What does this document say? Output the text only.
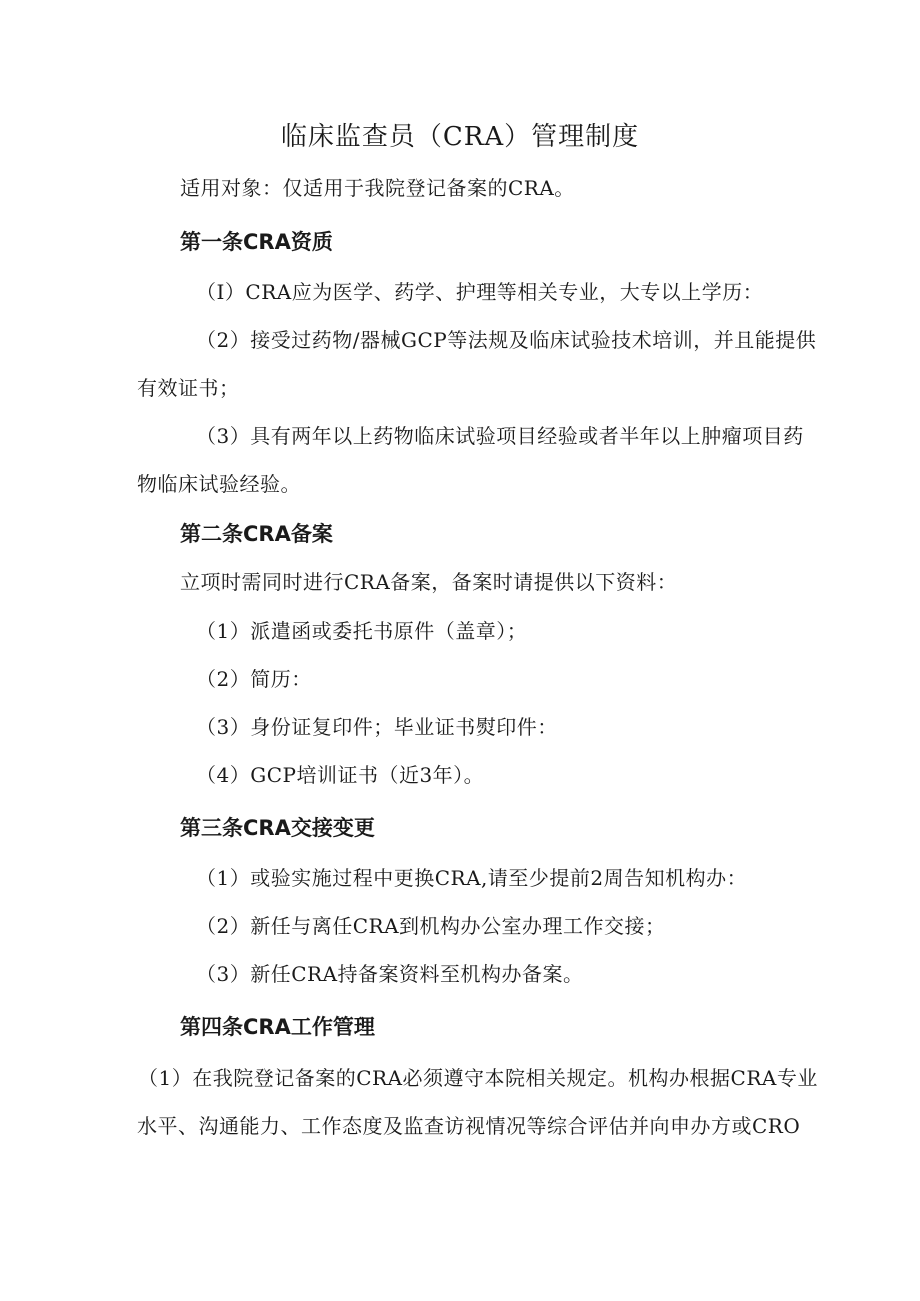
临床监查员（CRA）管理制度
适用对象：仅适用于我院登记备案的CRA。
第一条CRA资质
（I）CRA应为医学、药学、护理等相关专业，大专以上学历：
（2）接受过药物/器械GCP等法规及临床试验技术培训，并且能提供
有效证书；
（3）具有两年以上药物临床试验项目经验或者半年以上肿瘤项目药
物临床试验经验。
第二条CRA备案
立项时需同时进行CRA备案，备案时请提供以下资料：
（1）派遣函或委托书原件（盖章）；
（2）简历：
（3）身份证复印件；毕业证书熨印件：
（4）GCP培训证书（近3年）。
第三条CRA交接变更
（1）或验实施过程中更换CRA,请至少提前2周告知机构办：
（2）新任与离任CRA到机构办公室办理工作交接；
（3）新任CRA持备案资料至机构办备案。
第四条CRA工作管理
（1）在我院登记备案的CRA必须遵守本院相关规定。机构办根据CRA专业
水平、沟通能力、工作态度及监查访视情况等综合评估并向申办方或CRO
